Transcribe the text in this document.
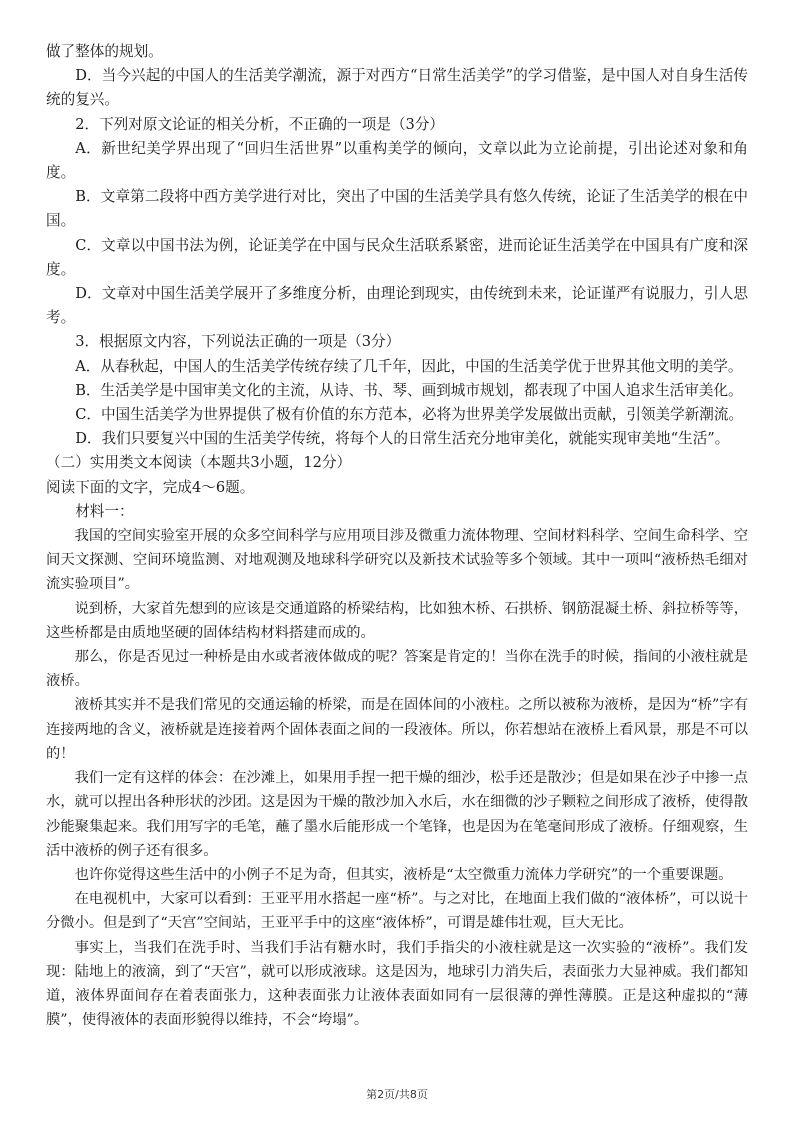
做了整体的规划。

D．当今兴起的中国人的生活美学潮流，源于对西方“日常生活美学”的学习借鉴，是中国人对自身生活传统的复兴。

2．下列对原文论证的相关分析，不正确的一项是（3分）

A．新世纪美学界出现了“回归生活世界”以重构美学的倾向，文章以此为立论前提，引出论述对象和角度。

B．文章第二段将中西方美学进行对比，突出了中国的生活美学具有悠久传统，论证了生活美学的根在中国。

C．文章以中国书法为例，论证美学在中国与民众生活联系紧密，进而论证生活美学在中国具有广度和深度。

D．文章对中国生活美学展开了多维度分析，由理论到现实，由传统到未来，论证谨严有说服力，引人思考。

3．根据原文内容，下列说法正确的一项是（3分）

A．从春秋起，中国人的生活美学传统存续了几千年，因此，中国的生活美学优于世界其他文明的美学。

B．生活美学是中国审美文化的主流，从诗、书、琴、画到城市规划，都表现了中国人追求生活审美化。

C．中国生活美学为世界提供了极有价值的东方范本，必将为世界美学发展做出贡献，引领美学新潮流。

D．我们只要复兴中国的生活美学传统，将每个人的日常生活充分地审美化，就能实现审美地“生活”。

（二）实用类文本阅读（本题共3小题，12分）

阅读下面的文字，完成4～6题。

材料一：

我国的空间实验室开展的众多空间科学与应用项目涉及微重力流体物理、空间材料科学、空间生命科学、空间天文探测、空间环境监测、对地观测及地球科学研究以及新技术试验等多个领域。其中一项叫“液桥热毛细对流实验项目”。

说到桥，大家首先想到的应该是交通道路的桥梁结构，比如独木桥、石拱桥、钢筋混凝土桥、斜拉桥等等，这些桥都是由质地坚硬的固体结构材料搭建而成的。

那么，你是否见过一种桥是由水或者液体做成的呢？答案是肯定的！当你在洗手的时候，指间的小液柱就是液桥。

液桥其实并不是我们常见的交通运输的桥梁，而是在固体间的小液柱。之所以被称为液桥，是因为“桥”字有连接两地的含义，液桥就是连接着两个固体表面之间的一段液体。所以，你若想站在液桥上看风景，那是不可以的！

我们一定有这样的体会：在沙滩上，如果用手捏一把干燥的细沙，松手还是散沙；但是如果在沙子中掺一点水，就可以捏出各种形状的沙团。这是因为干燥的散沙加入水后，水在细微的沙子颗粒之间形成了液桥，使得散沙能聚集起来。我们用写字的毛笔，蘸了墨水后能形成一个笔锋，也是因为在笔毫间形成了液桥。仔细观察，生活中液桥的例子还有很多。

也许你觉得这些生活中的小例子不足为奇，但其实，液桥是“太空微重力流体力学研究”的一个重要课题。

在电视机中，大家可以看到：王亚平用水搭起一座“桥”。与之对比，在地面上我们做的“液体桥”，可以说十分微小。但是到了“天宫”空间站，王亚平手中的这座“液体桥”，可谓是雄伟壮观，巨大无比。

事实上，当我们在洗手时、当我们手沾有糖水时，我们手指尖的小液柱就是这一次实验的“液桥”。我们发现：陆地上的液滴，到了“天宫”，就可以形成液球。这是因为，地球引力消失后，表面张力大显神威。我们都知道，液体界面间存在着表面张力，这种表面张力让液体表面如同有一层很薄的弹性薄膜。正是这种虚拟的“薄膜”，使得液体的表面形貌得以维持，不会“垮塌”。

第2页/共8页
